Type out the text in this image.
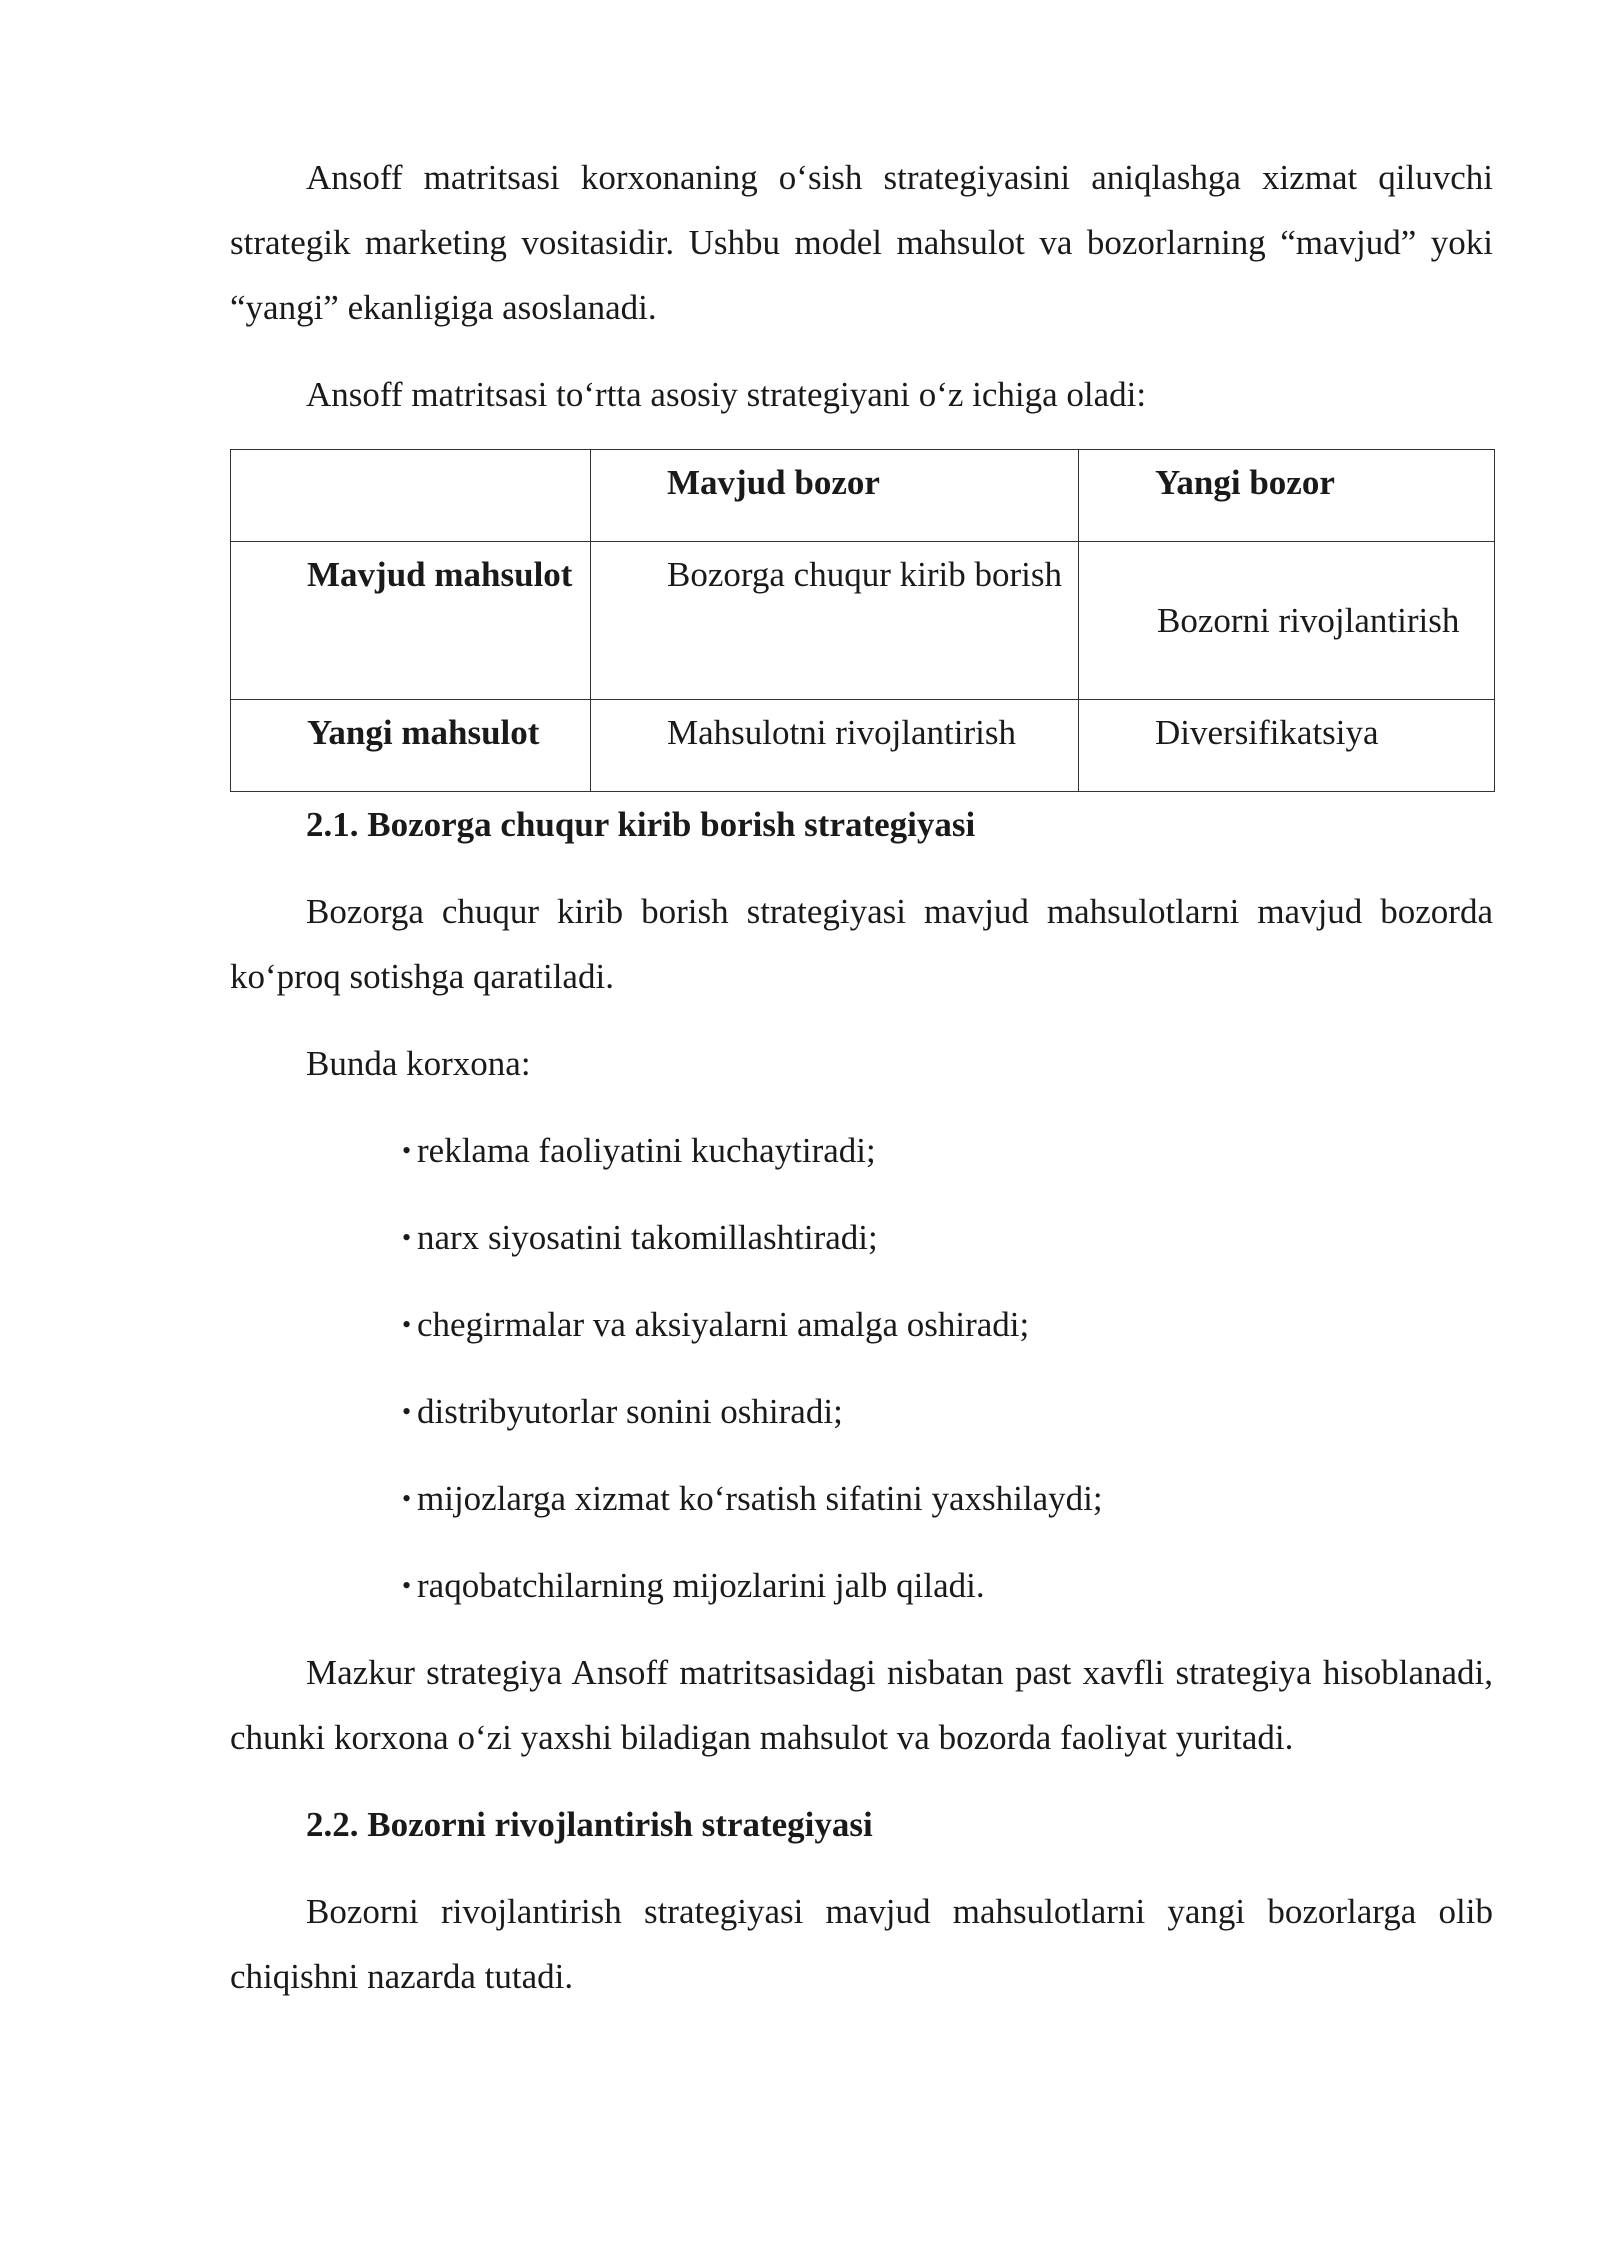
Ansoff matritsasi korxonaning o‘sish strategiyasini aniqlashga xizmat qiluvchi strategik marketing vositasidir. Ushbu model mahsulot va bozorlarning “mavjud” yoki “yangi” ekanligiga asoslanadi.

Ansoff matritsasi to‘rtta asosiy strategiyani o‘z ichiga oladi:

	Mavjud bozor	Yangi bozor

Mavjud mahsulot	Bozorga chuqur kirib borish	Bozorni rivojlantirish

Yangi mahsulot	Mahsulotni rivojlantirish	Diversifikatsiya

2.1. Bozorga chuqur kirib borish strategiyasi

Bozorga chuqur kirib borish strategiyasi mavjud mahsulotlarni mavjud bozorda ko‘proq sotishga qaratiladi.

Bunda korxona:

• reklama faoliyatini kuchaytiradi;
• narx siyosatini takomillashtiradi;
• chegirmalar va aksiyalarni amalga oshiradi;
• distribyutorlar sonini oshiradi;
• mijozlarga xizmat ko‘rsatish sifatini yaxshilaydi;
• raqobatchilarning mijozlarini jalb qiladi.

Mazkur strategiya Ansoff matritsasidagi nisbatan past xavfli strategiya hisoblanadi, chunki korxona o‘zi yaxshi biladigan mahsulot va bozorda faoliyat yuritadi.

2.2. Bozorni rivojlantirish strategiyasi

Bozorni rivojlantirish strategiyasi mavjud mahsulotlarni yangi bozorlarga olib chiqishni nazarda tutadi.
